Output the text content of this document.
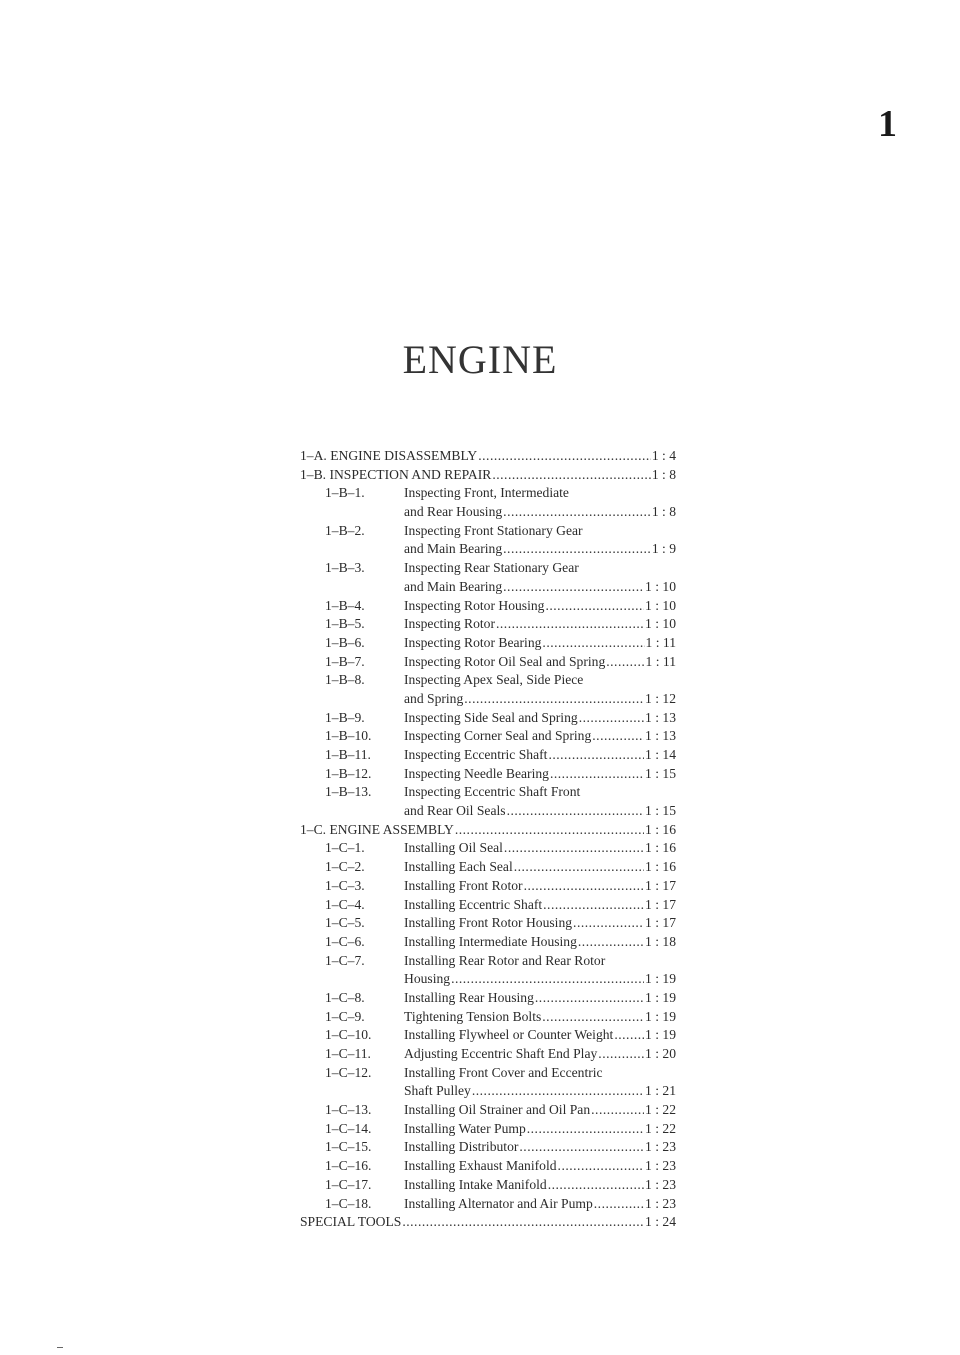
1
ENGINE
1–A. ENGINE DISASSEMBLY .....	1 : 4
1–B. INSPECTION AND REPAIR .....	1 : 8
1–B–1.	Inspecting Front, Intermediate
and Rear Housing .....	1 : 8
1–B–2.	Inspecting Front Stationary Gear
and Main Bearing .....	1 : 9
1–B–3.	Inspecting Rear Stationary Gear
and Main Bearing .....	1 : 10
1–B–4.	Inspecting Rotor Housing .....	1 : 10
1–B–5.	Inspecting Rotor .....	1 : 10
1–B–6.	Inspecting Rotor Bearing .....	1 : 11
1–B–7.	Inspecting Rotor Oil Seal and Spring .....	1 : 11
1–B–8.	Inspecting Apex Seal, Side Piece
and Spring .....	1 : 12
1–B–9.	Inspecting Side Seal and Spring .....	1 : 13
1–B–10. Inspecting Corner Seal and Spring .....	1 : 13
1–B–11. Inspecting Eccentric Shaft .....	1 : 14
1–B–12. Inspecting Needle Bearing .....	1 : 15
1–B–13. Inspecting Eccentric Shaft Front
and Rear Oil Seals .....	1 : 15
1–C. ENGINE ASSEMBLY .....	1 : 16
1–C–1.	Installing Oil Seal .....	1 : 16
1–C–2.	Installing Each Seal .....	1 : 16
1–C–3.	Installing Front Rotor .....	1 : 17
1–C–4.	Installing Eccentric Shaft .....	1 : 17
1–C–5.	Installing Front Rotor Housing .....	1 : 17
1–C–6.	Installing Intermediate Housing .....	1 : 18
1–C–7.	Installing Rear Rotor and Rear Rotor
Housing .....	1 : 19
1–C–8.	Installing Rear Housing .....	1 : 19
1–C–9.	Tightening Tension Bolts .....	1 : 19
1–C–10. Installing Flywheel or Counter Weight .....	1 : 19
1–C–11. Adjusting Eccentric Shaft End Play .....	1 : 20
1–C–12. Installing Front Cover and Eccentric
Shaft Pulley .....	1 : 21
1–C–13. Installing Oil Strainer and Oil Pan .....	1 : 22
1–C–14. Installing Water Pump .....	1 : 22
1–C–15. Installing Distributor .....	1 : 23
1–C–16. Installing Exhaust Manifold .....	1 : 23
1–C–17. Installing Intake Manifold .....	1 : 23
1–C–18. Installing Alternator and Air Pump .....	1 : 23
SPECIAL TOOLS .....	1 : 24
